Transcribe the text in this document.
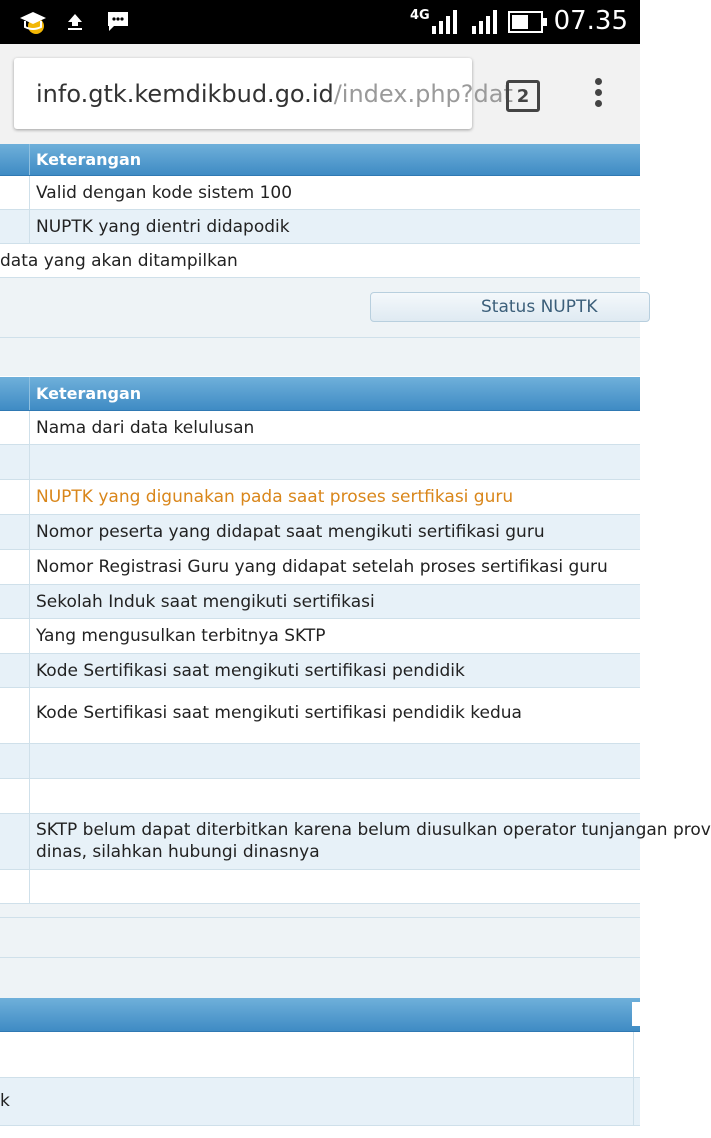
4G	07.35
info.gtk.kemdikbud.go.id/index.php?dat 2
Keterangan
Valid dengan kode sistem 100
NUPTK yang dientri didapodik
data yang akan ditampilkan
Status NUPTK
Keterangan
Nama dari data kelulusan
NUPTK yang digunakan pada saat proses sertfikasi guru
Nomor peserta yang didapat saat mengikuti sertifikasi guru
Nomor Registrasi Guru yang didapat setelah proses sertifikasi guru
Sekolah Induk saat mengikuti sertifikasi
Yang mengusulkan terbitnya SKTP
Kode Sertifikasi saat mengikuti sertifikasi pendidik
Kode Sertifikasi saat mengikuti sertifikasi pendidik kedua
SKTP belum dapat diterbitkan karena belum diusulkan operator tunjangan prov
dinas, silahkan hubungi dinasnya
k
